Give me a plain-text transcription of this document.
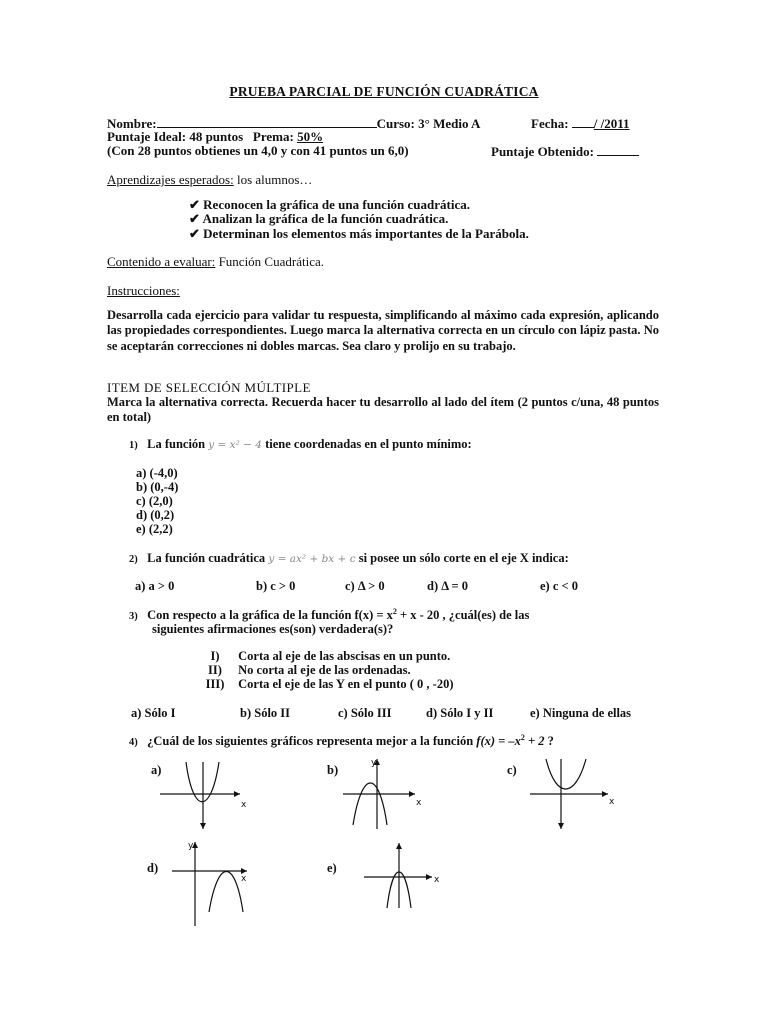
PRUEBA PARCIAL DE FUNCIÓN CUADRÁTICA
Nombre:	Curso: 3° Medio A	Fecha: / /2011
Puntaje Ideal: 48 puntos Prema: 50%
(Con 28 puntos obtienes un 4,0 y con 41 puntos un 6,0)	Puntaje Obtenido:
Aprendizajes esperados: los alumnos…
✔ Reconocen la gráfica de una función cuadrática.
✔ Analizan la gráfica de la función cuadrática.
✔ Determinan los elementos más importantes de la Parábola.
Contenido a evaluar: Función Cuadrática.
Instrucciones:
Desarrolla cada ejercicio para validar tu respuesta, simplificando al máximo cada expresión, aplicando las propiedades correspondientes. Luego marca la alternativa correcta en un círculo con lápiz pasta. No se aceptarán correcciones ni dobles marcas. Sea claro y prolijo en su trabajo.
ITEM DE SELECCIÓN MÚLTIPLE
Marca la alternativa correcta. Recuerda hacer tu desarrollo al lado del ítem (2 puntos c/una, 48 puntos en total)
1) La función y = x² − 4 tiene coordenadas en el punto mínimo:
a) (-4,0)
b) (0,-4)
c) (2,0)
d) (0,2)
e) (2,2)
2) La función cuadrática y = ax² + bx + c si posee un sólo corte en el eje X indica:
a) a > 0	b) c > 0	c) Δ > 0	d) Δ = 0	e) c < 0
3) Con respecto a la gráfica de la función $f(x) = x^2 + x - 20$ , ¿cuál(es) de las
siguientes afirmaciones es(son) verdadera(s)?
I) Corta al eje de las abscisas en un punto.
II) No corta al eje de las ordenadas.
III) Corta el eje de las Y en el punto ( 0 , -20)
a) Sólo I	b) Sólo II	c) Sólo III	d) Sólo I y II	e) Ninguna de ellas
4) ¿Cuál de los siguientes gráficos representa mejor a la función $f(x) = -x^2 + 2$ ?
a)	b)	c)
d)	e)
x
y
x	x
y
x	x
